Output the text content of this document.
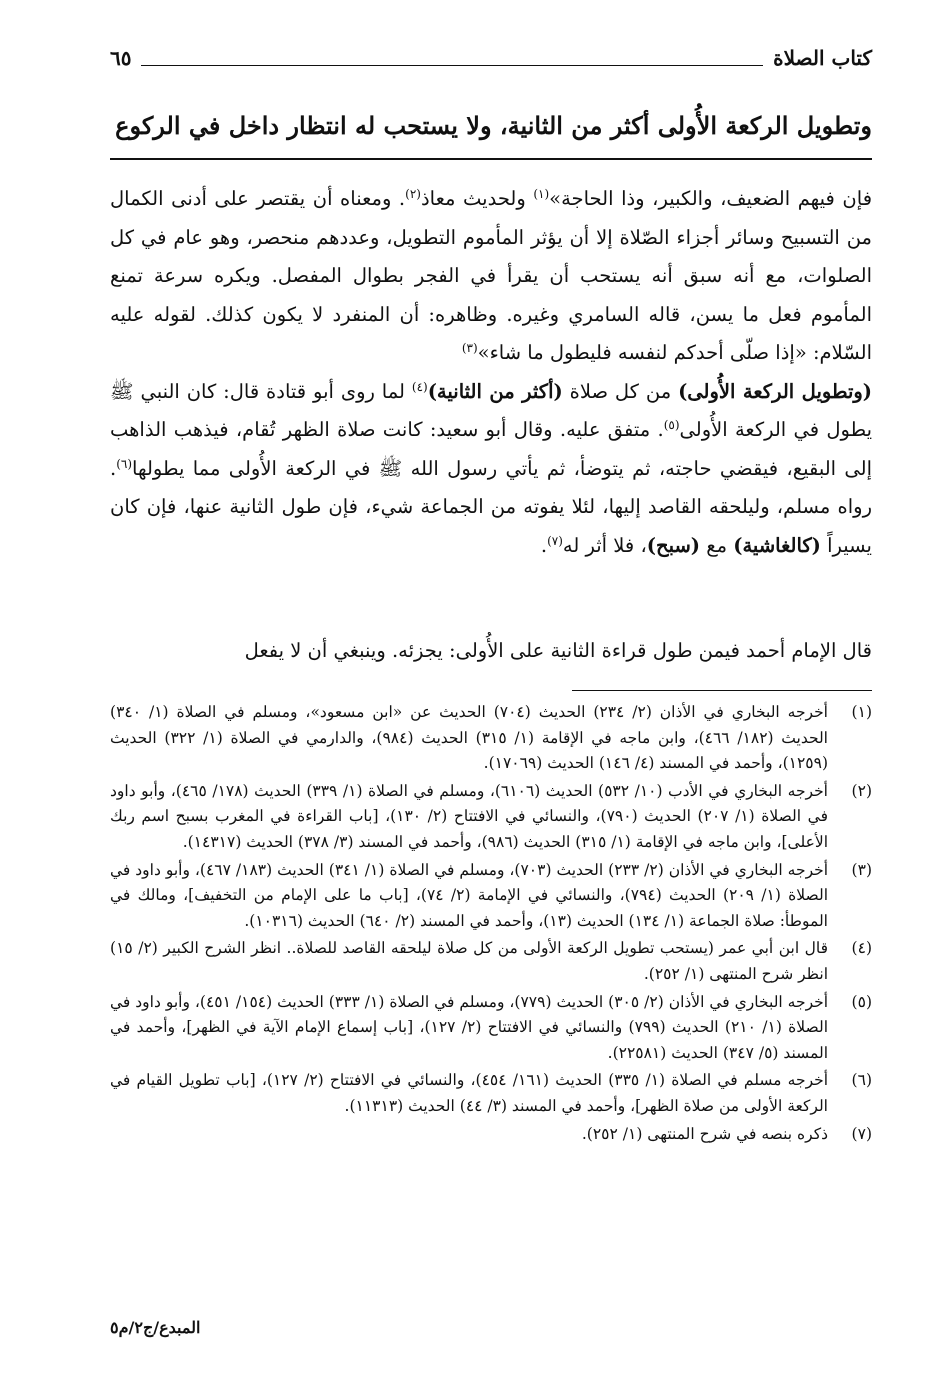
كتاب الصلاة
٦٥
وتطويل الركعة الأُولى أكثر من الثانية، ولا يستحب له انتظار داخل في الركوع

فإن فيهم الضعيف، والكبير، وذا الحاجة»$^{(١)}$ ولحديث معاذ$^{(٢)}$. ومعناه أن يقتصر على أدنى الكمال من التسبيح وسائر أجزاء الصّلاة إلا أن يؤثر المأموم التطويل، وعددهم منحصر، وهو عام في كل الصلوات، مع أنه سبق أنه يستحب أن يقرأ في الفجر بطوال المفصل. ويكره سرعة تمنع المأموم فعل ما يسن، قاله السامري وغيره. وظاهره: أن المنفرد لا يكون كذلك. لقوله عليه السّلام: «إذا صلّى أحدكم لنفسه فليطول ما شاء»$^{(٣)}$

(وتطويل الركعة الأُولى) من كل صلاة (أكثر من الثانية)$^{(٤)}$ لما روى أبو قتادة قال: كان النبي ﷺ يطول في الركعة الأُولى$^{(٥)}$. متفق عليه. وقال أبو سعيد: كانت صلاة الظهر تُقام، فيذهب الذاهب إلى البقيع، فيقضي حاجته، ثم يتوضأ، ثم يأتي رسول الله ﷺ في الركعة الأُولى مما يطولها$^{(٦)}$. رواه مسلم، وليلحقه القاصد إليها، لئلا يفوته من الجماعة شيء، فإن طول الثانية عنها، فإن كان يسيراً (كالغاشية) مع (سبح)، فلا أثر له$^{(٧)}$.

قال الإمام أحمد فيمن طول قراءة الثانية على الأُولى: يجزئه. وينبغي أن لا يفعل
(١)
أخرجه البخاري في الأذان (٢/ ٢٣٤) الحديث (٧٠٤) الحديث عن «ابن مسعود»، ومسلم في الصلاة (١/ ٣٤٠) الحديث (١٨٢/ ٤٦٦)، وابن ماجه في الإقامة (١/ ٣١٥) الحديث (٩٨٤)، والدارمي في الصلاة (١/ ٣٢٢) الحديث (١٢٥٩)، وأحمد في المسند (٤/ ١٤٦) الحديث (١٧٠٦٩).
(٢)
أخرجه البخاري في الأدب (١٠/ ٥٣٢) الحديث (٦١٠٦)، ومسلم في الصلاة (١/ ٣٣٩) الحديث (١٧٨/ ٤٦٥)، وأبو داود في الصلاة (١/ ٢٠٧) الحديث (٧٩٠)، والنسائي في الافتتاح (٢/ ١٣٠)، [باب القراءة في المغرب بسبح اسم ربك الأعلى]، وابن ماجه في الإقامة (١/ ٣١٥) الحديث (٩٨٦)، وأحمد في المسند (٣/ ٣٧٨) الحديث (١٤٣١٧).
(٣)
أخرجه البخاري في الأذان (٢/ ٢٣٣) الحديث (٧٠٣)، ومسلم في الصلاة (١/ ٣٤١) الحديث (١٨٣/ ٤٦٧)، وأبو داود في الصلاة (١/ ٢٠٩) الحديث (٧٩٤)، والنسائي في الإمامة (٢/ ٧٤)، [باب ما على الإمام من التخفيف]، ومالك في الموطأ: صلاة الجماعة (١/ ١٣٤) الحديث (١٣)، وأحمد في المسند (٢/ ٦٤٠) الحديث (١٠٣١٦).
(٤)
قال ابن أبي عمر (يستحب تطويل الركعة الأولى من كل صلاة ليلحقه القاصد للصلاة.. انظر الشرح الكبير (٢/ ١٥) انظر شرح المنتهى (١/ ٢٥٢).
(٥)
أخرجه البخاري في الأذان (٢/ ٣٠٥) الحديث (٧٧٩)، ومسلم في الصلاة (١/ ٣٣٣) الحديث (١٥٤/ ٤٥١)، وأبو داود في الصلاة (١/ ٢١٠) الحديث (٧٩٩) والنسائي في الافتتاح (٢/ ١٢٧)، [باب إسماع الإمام الآية في الظهر]، وأحمد في المسند (٥/ ٣٤٧) الحديث (٢٢٥٨١).
(٦)
أخرجه مسلم في الصلاة (١/ ٣٣٥) الحديث (١٦١/ ٤٥٤)، والنسائي في الافتتاح (٢/ ١٢٧)، [باب تطويل القيام في الركعة الأولى من صلاة الظهر]، وأحمد في المسند (٣/ ٤٤) الحديث (١١٣١٣).
(٧)
ذكره بنصه في شرح المنتهى (١/ ٢٥٢).
المبدع/ج٢/م٥
